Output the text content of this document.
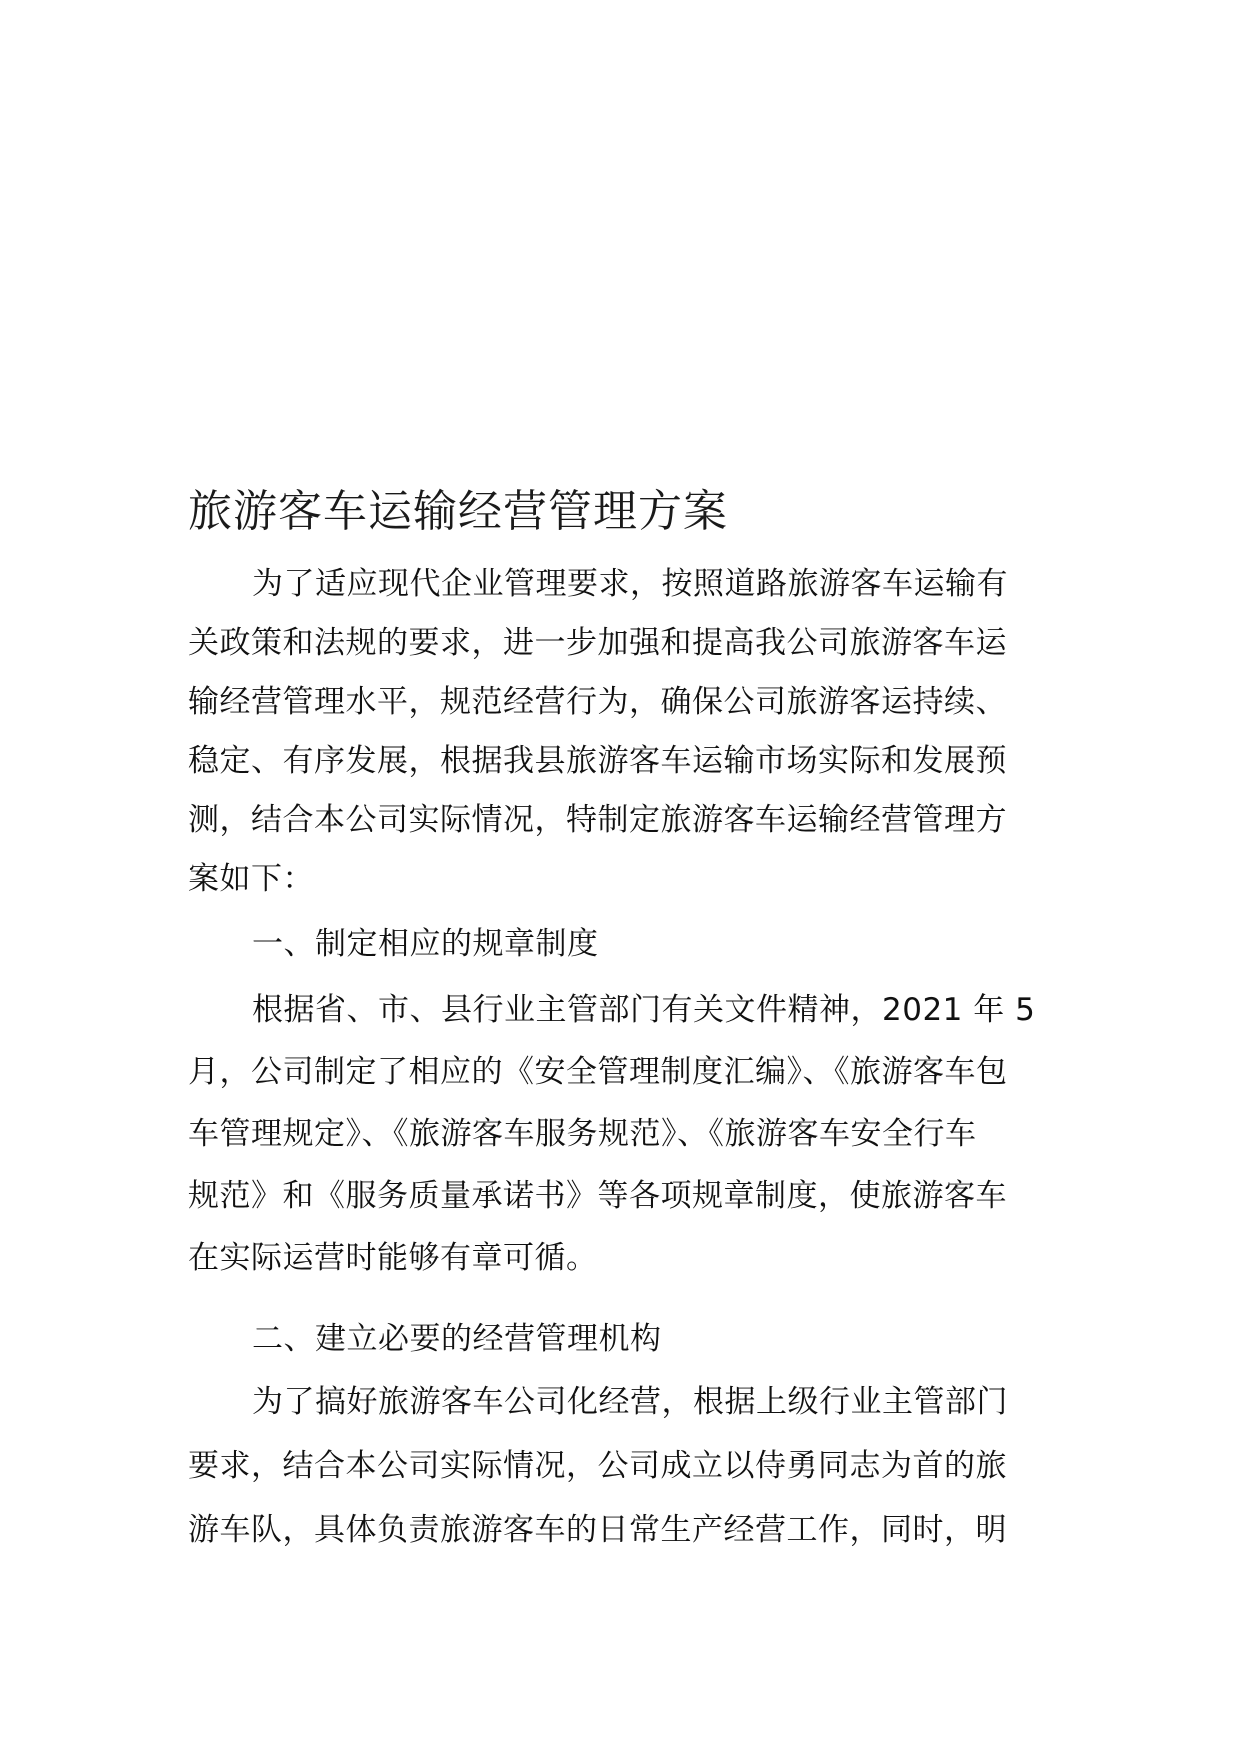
旅游客车运输经营管理方案
为了适应现代企业管理要求，按照道路旅游客车运输有
关政策和法规的要求，进一步加强和提高我公司旅游客车运
输经营管理水平，规范经营行为，确保公司旅游客运持续、
稳定、有序发展，根据我县旅游客车运输市场实际和发展预
测，结合本公司实际情况，特制定旅游客车运输经营管理方
案如下：
一、制定相应的规章制度
根据省、市、县行业主管部门有关文件精神，2021 年 5
月，公司制定了相应的《安全管理制度汇编》、《旅游客车包
车管理规定》、《旅游客车服务规范》、《旅游客车安全行车
规范》和《服务质量承诺书》等各项规章制度，使旅游客车
在实际运营时能够有章可循。
二、建立必要的经营管理机构
为了搞好旅游客车公司化经营，根据上级行业主管部门
要求，结合本公司实际情况，公司成立以侍勇同志为首的旅
游车队，具体负责旅游客车的日常生产经营工作，同时，明
